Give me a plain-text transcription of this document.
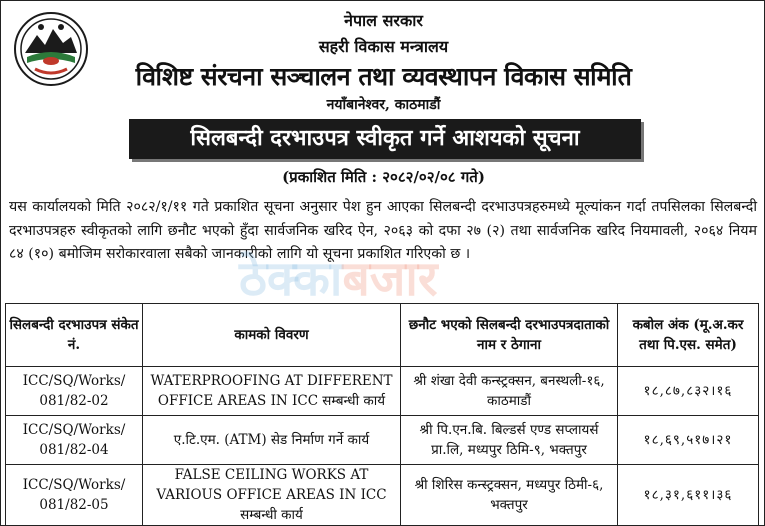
नेपाल सरकार
सहरी विकास मन्त्रालय
विशिष्ट संरचना सञ्चालन तथा व्यवस्थापन विकास समिति
नयाँबानेश्वर, काठमाडौं
सिलबन्दी दरभाउपत्र स्वीकृत गर्ने आशयको सूचना
(प्रकाशित मिति : २०८२/०२/०८ गते)

यस कार्यालयको मिति २०८२/१/११ गते प्रकाशित सूचना अनुसार पेश हुन आएका सिलबन्दी दरभाउपत्रहरुमध्ये मूल्यांकन गर्दा तपसिलका सिलबन्दी दरभाउपत्रहरु स्वीकृतको लागि छनौट भएको हुँदा सार्वजनिक खरिद ऐन, २०६३ को दफा २७ (२) तथा सार्वजनिक खरिद नियमावली, २०६४ नियम ८४ (१०) बमोजिम सरोकारवाला सबैको जानकारीको लागि यो सूचना प्रकाशित गरिएको छ ।

ठेक्काबजार
सिलबन्दी दरभाउपत्र संकेत नं.	कामको विवरण	छनौट भएको सिलबन्दी दरभाउपत्रदाताको नाम र ठेगाना	कबोल अंक (मू.अ.कर तथा पि.एस. समेत)
ICC/SQ/Works/ 081/82-02	WATERPROOFING AT DIFFERENT OFFICE AREAS IN ICC सम्बन्धी कार्य	श्री शंखा देवी कन्स्ट्रक्सन, बनस्थली-१६, काठमाडौं	१८,८७,८३२।१६
ICC/SQ/Works/ 081/82-04	ए.टि.एम. (ATM) सेड निर्माण गर्ने कार्य	श्री पि.एन.बि. बिल्डर्स एण्ड सप्लायर्स प्रा.लि, मध्यपुर ठिमि-९, भक्तपुर	१८,६९,५१७।२१
ICC/SQ/Works/ 081/82-05	FALSE CEILING WORKS AT VARIOUS OFFICE AREAS IN ICC सम्बन्धी कार्य	श्री शिरिस कन्स्ट्रक्सन, मध्यपुर ठिमी-६, भक्तपुर	१८,३१,६११।३६
